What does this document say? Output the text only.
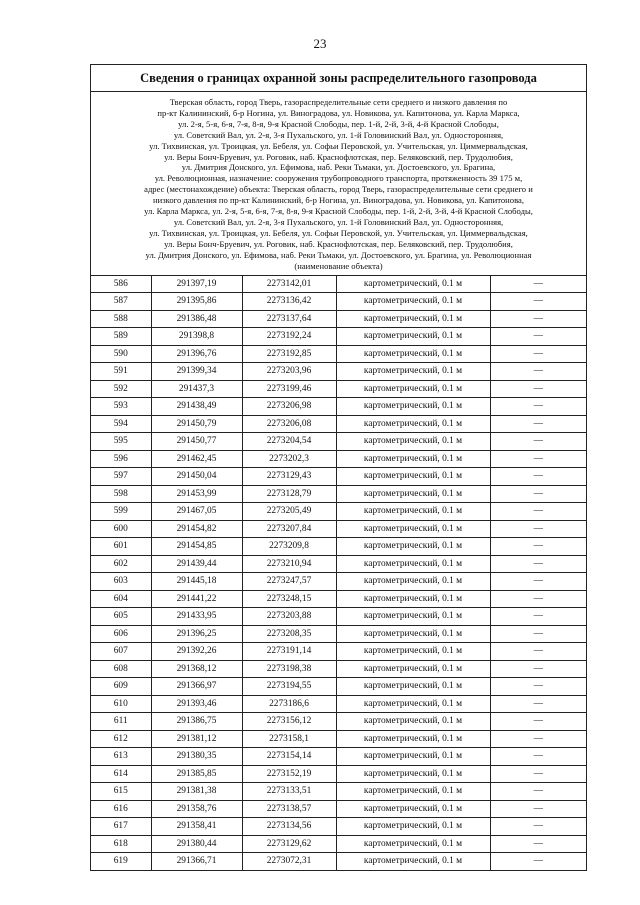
23
Сведения о границах охранной зоны распределительного газопровода
Тверская область, город Тверь, газораспределительные сети среднего и низкого давления по
пр-кт Калининский, б-р Ногина, ул. Виноградова, ул. Новикова, ул. Капитонова, ул. Карла Маркса,
ул. 2-я, 5-я, 6-я, 7-я, 8-я, 9-я Красной Слободы, пер. 1-й, 2-й, 3-й, 4-й Красной Слободы,
ул. Советский Вал, ул. 2-я, 3-я Пухальского, ул. 1-й Головинский Вал, ул. Односторонняя,
ул. Тихвинская, ул. Троицкая, ул. Бебеля, ул. Софьи Перовской, ул. Учительская, ул. Циммервальдская,
ул. Веры Бонч-Бруевич, ул. Роговик, наб. Краснофлотская, пер. Беляковский, пер. Трудолюбия,
ул. Дмитрия Донского, ул. Ефимова, наб. Реки Тьмаки, ул. Достоевского, ул. Брагина,
ул. Революционная, назначение: сооружения трубопроводного транспорта, протяженность 39 175 м,
адрес (местонахождение) объекта: Тверская область, город Тверь, газораспределительные сети среднего и
низкого давления по пр-кт Калининский, б-р Ногина, ул. Виноградова, ул. Новикова, ул. Капитонова,
ул. Карла Маркса, ул. 2-я, 5-я, 6-я, 7-я, 8-я, 9-я Красной Слободы, пер. 1-й, 2-й, 3-й, 4-й Красной Слободы,
ул. Советский Вал, ул. 2-я, 3-я Пухальского, ул. 1-й Головинский Вал, ул. Односторонняя,
ул. Тихвинская, ул. Троицкая, ул. Бебеля, ул. Софьи Перовской, ул. Учительская, ул. Циммервальдская,
ул. Веры Бонч-Бруевич, ул. Роговик, наб. Краснофлотская, пер. Беляковский, пер. Трудолюбия,
ул. Дмитрия Донского, ул. Ефимова, наб. Реки Тьмаки, ул. Достоевского, ул. Брагина, ул. Революционная
(наименование объекта)
586	291397,19	2273142,01	картометрический, 0.1 м	—
587	291395,86	2273136,42	картометрический, 0.1 м	—
588	291386,48	2273137,64	картометрический, 0.1 м	—
589	291398,8	2273192,24	картометрический, 0.1 м	—
590	291396,76	2273192,85	картометрический, 0.1 м	—
591	291399,34	2273203,96	картометрический, 0.1 м	—
592	291437,3	2273199,46	картометрический, 0.1 м	—
593	291438,49	2273206,98	картометрический, 0.1 м	—
594	291450,79	2273206,08	картометрический, 0.1 м	—
595	291450,77	2273204,54	картометрический, 0.1 м	—
596	291462,45	2273202,3	картометрический, 0.1 м	—
597	291450,04	2273129,43	картометрический, 0.1 м	—
598	291453,99	2273128,79	картометрический, 0.1 м	—
599	291467,05	2273205,49	картометрический, 0.1 м	—
600	291454,82	2273207,84	картометрический, 0.1 м	—
601	291454,85	2273209,8	картометрический, 0.1 м	—
602	291439,44	2273210,94	картометрический, 0.1 м	—
603	291445,18	2273247,57	картометрический, 0.1 м	—
604	291441,22	2273248,15	картометрический, 0.1 м	—
605	291433,95	2273203,88	картометрический, 0.1 м	—
606	291396,25	2273208,35	картометрический, 0.1 м	—
607	291392,26	2273191,14	картометрический, 0.1 м	—
608	291368,12	2273198,38	картометрический, 0.1 м	—
609	291366,97	2273194,55	картометрический, 0.1 м	—
610	291393,46	2273186,6	картометрический, 0.1 м	—
611	291386,75	2273156,12	картометрический, 0.1 м	—
612	291381,12	2273158,1	картометрический, 0.1 м	—
613	291380,35	2273154,14	картометрический, 0.1 м	—
614	291385,85	2273152,19	картометрический, 0.1 м	—
615	291381,38	2273133,51	картометрический, 0.1 м	—
616	291358,76	2273138,57	картометрический, 0.1 м	—
617	291358,41	2273134,56	картометрический, 0.1 м	—
618	291380,44	2273129,62	картометрический, 0.1 м	—
619	291366,71	2273072,31	картометрический, 0.1 м	—
